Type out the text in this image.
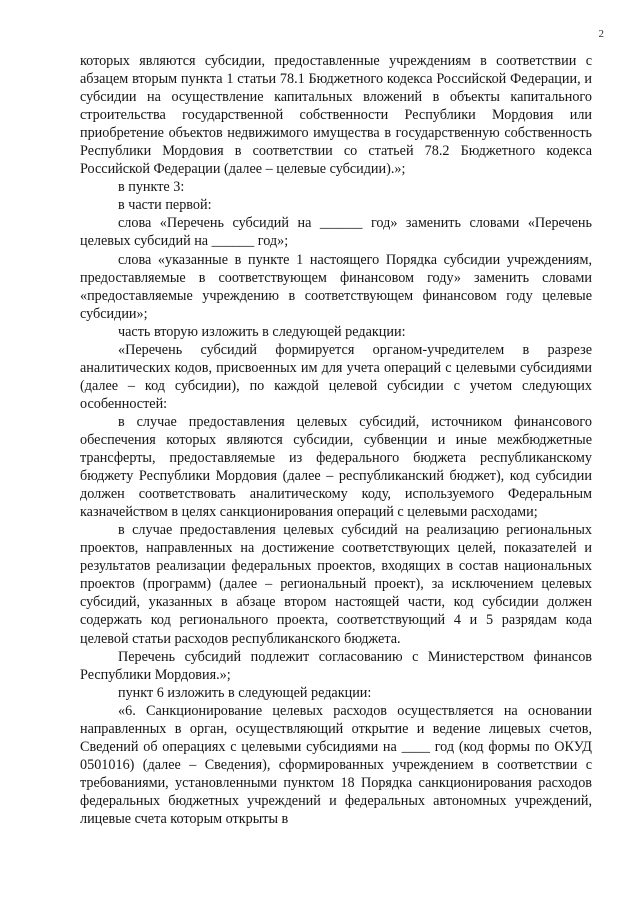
2

которых являются субсидии, предоставленные учреждениям в соответствии с абзацем вторым пункта 1 статьи 78.1 Бюджетного кодекса Российской Федерации, и субсидии на осуществление капитальных вложений в объекты капитального строительства государственной собственности Республики Мордовия или приобретение объектов недвижимого имущества в государственную собственность Республики Мордовия в соответствии со статьей 78.2 Бюджетного кодекса Российской Федерации (далее – целевые субсидии).»;

в пункте 3:

в части первой:

слова «Перечень субсидий на ______ год» заменить словами «Перечень целевых субсидий на ______ год»;

слова «указанные в пункте 1 настоящего Порядка субсидии учреждениям, предоставляемые в соответствующем финансовом году» заменить словами «предоставляемые учреждению в соответствующем финансовом году целевые субсидии»;

часть вторую изложить в следующей редакции:

«Перечень субсидий формируется органом-учредителем в разрезе аналитических кодов, присвоенных им для учета операций с целевыми субсидиями (далее – код субсидии), по каждой целевой субсидии с учетом следующих особенностей:

в случае предоставления целевых субсидий, источником финансового обеспечения которых являются субсидии, субвенции и иные межбюджетные трансферты, предоставляемые из федерального бюджета республиканскому бюджету Республики Мордовия (далее – республиканский бюджет), код субсидии должен соответствовать аналитическому коду, используемого Федеральным казначейством в целях санкционирования операций с целевыми расходами;

в случае предоставления целевых субсидий на реализацию региональных проектов, направленных на достижение соответствующих целей, показателей и результатов реализации федеральных проектов, входящих в состав национальных проектов (программ) (далее – региональный проект), за исключением целевых субсидий, указанных в абзаце втором настоящей части, код субсидии должен содержать код регионального проекта, соответствующий 4 и 5 разрядам кода целевой статьи расходов республиканского бюджета.

Перечень субсидий подлежит согласованию с Министерством финансов Республики Мордовия.»;

пункт 6 изложить в следующей редакции:

«6. Санкционирование целевых расходов осуществляется на основании направленных в орган, осуществляющий открытие и ведение лицевых счетов, Сведений об операциях с целевыми субсидиями на ____ год (код формы по ОКУД 0501016) (далее – Сведения), сформированных учреждением в соответствии с требованиями, установленными пунктом 18 Порядка санкционирования расходов федеральных бюджетных учреждений и федеральных автономных учреждений, лицевые счета которым открыты в
